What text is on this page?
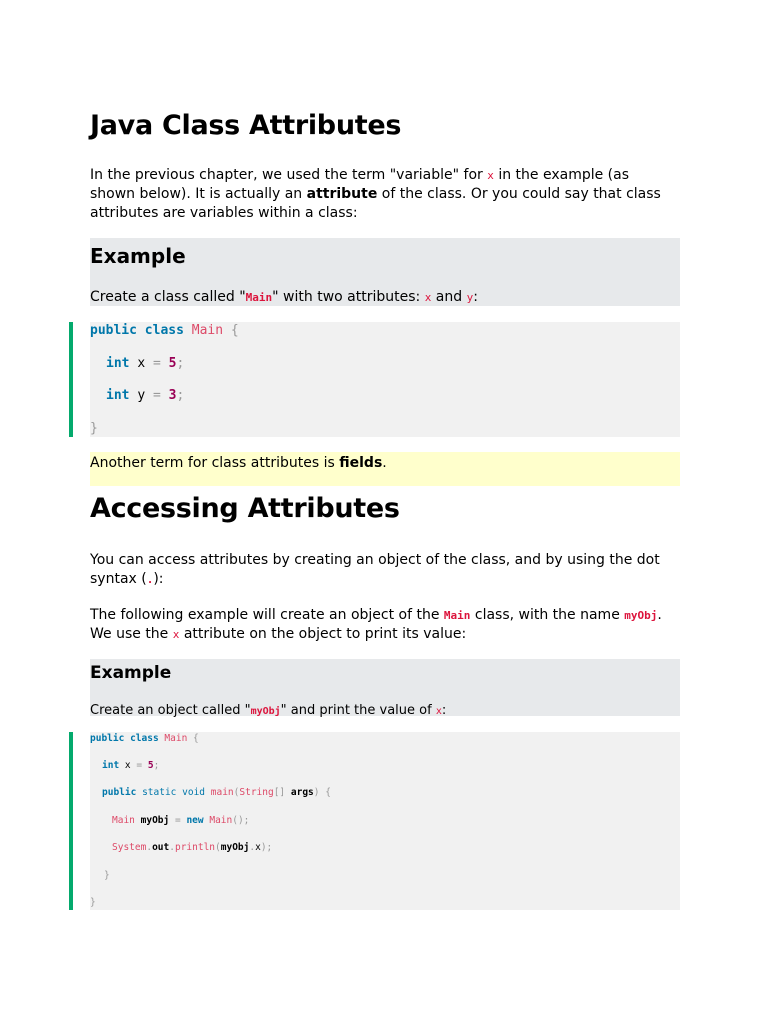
Java Class Attributes

In the previous chapter, we used the term "variable" for x in the example (as shown below). It is actually an attribute of the class. Or you could say that class attributes are variables within a class:

Example

Create a class called "Main" with two attributes: x and y:

Another term for class attributes is fields.

Accessing Attributes

You can access attributes by creating an object of the class, and by using the dot syntax (.):

The following example will create an object of the Main class, with the name myObj. We use the x attribute on the object to print its value:

Example

Create an object called "myObj" and print the value of x:

public class Main {
int x = 5;
int y = 3;
}
public class Main {
int x = 5;
public static void main(String[] args) {
Main myObj = new Main();
System.out.println(myObj.x);
}
}
